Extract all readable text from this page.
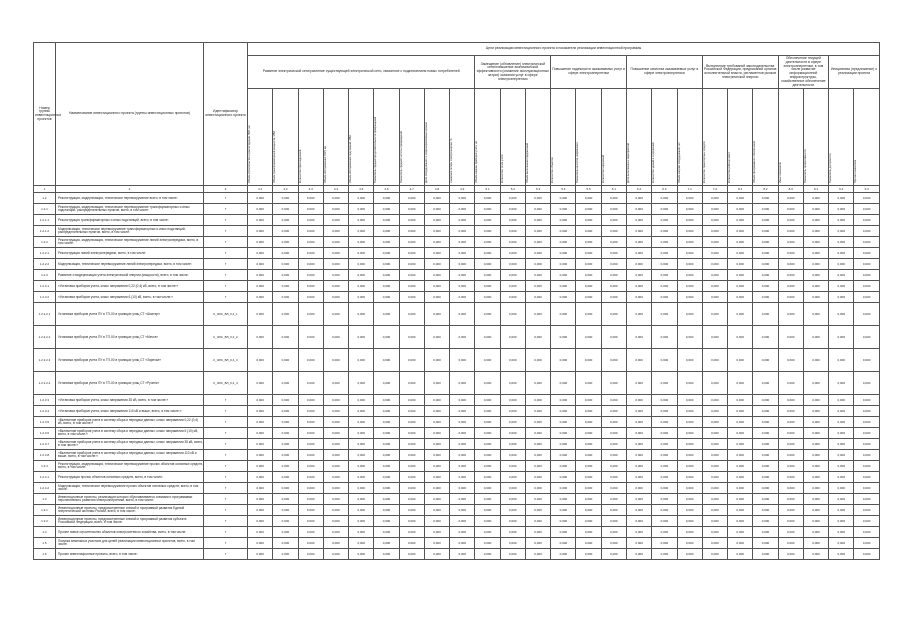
Номер группы инвестиционных проектов	Наименование инвестиционного проекта (группы инвестиционных проектов)	Идентификатор инвестиционного проекта	Цели реализации инвестиционного проекта и показатели реализации инвестиционной программы																								
			Развитие электрической сети/усиление существующей электрической сети, связанное с подключением новых потребителей									Замещение (обновление) электрической сети/повышение экономической эффективности (снижение эксплуатационных затрат) оказания услуг в сфере электроэнергетики			Повышение надежности оказываемых услуг в сфере электроэнергетики			Повышение качества оказываемых услуг в сфере электроэнергетики			Выполнение требований законодательства Российской Федерации, предписаний органов исполнительной власти, регламентов рынков электрической энергии			Обеспечение текущей деятельности в сфере электроэнергетики, в том числе развитие информационной инфраструктуры, хозяйственное обеспечение деятельности		Инициатива (предложение) о реализации проекта	

			Объем строительства и реконструкции ЛЭП, км	Объем трансформаторной мощности, МВА	Количество присоединений	Объем обслуживания ЛЭП, км	Объем обслуживания подстанций, МВА	Показатель средней продолжительности прекращений	Показатель средней частоты прекращений	Доля оборудования со сверхнормативным сроком	Снижение потерь электроэнергии, %	Объем замены приборов учета, шт.	Количество точек учета	Объем выполнения предписаний	Количество объектов	Показатель качества напряжения	Количество нарушений	Доля выполненных мероприятий	Количество зданий и сооружений	Объем закупки оборудования, шт.	Количество транспортных средств	Количество рабочих мест	Объем программного обеспечения	Иные показатели	Показатель эффективности	Показатель доступности	Прочие показатели

1	2	3	4.1	4.2	4.3	4.4	4.5	4.6	4.7	4.8	4.9	5.1	5.2	5.3	5.4	5.5	6.1	6.2	6.3	7.1	7.2	8.1	8.2	8.3	9.1	9.2	9.3
1.2	Реконструкция, модернизация, техническое перевооружение всего, в том числе:	Г	0,000	0,000	0,000	0,000	0,000	0,000	0,000	0,000	0,000	0,000	0,000	0,000	0,000	0,000	0,000	0,000	0,000	0,000	0,000	0,000	0,000	0,000	0,000	0,000	0,000
1.2.1	Реконструкция, модернизация, техническое перевооружение трансформаторных и иных подстанций, распределительных пунктов, всего, в том числе:	Г	0,000	0,000	0,000	0,000	0,000	0,000	0,000	0,000	0,000	0,000	0,000	0,000	0,000	0,000	0,000	0,000	0,000	0,000	0,000	0,000	0,000	0,000	0,000	0,000	0,000
1.2.1.1	Реконструкция трансформаторных и иных подстанций, всего, в том числе:	Г	0,000	0,000	0,000	0,000	0,000	0,000	0,000	0,000	0,000	0,000	0,000	0,000	0,000	0,000	0,000	0,000	0,000	0,000	0,000	0,000	0,000	0,000	0,000	0,000	0,000
1.2.1.2	Модернизация, техническое перевооружение трансформаторных и иных подстанций, распределительных пунктов, всего, в том числе:	Г	0,000	0,000	0,000	0,000	0,000	0,000	0,000	0,000	0,000	0,000	0,000	0,000	0,000	0,000	0,000	0,000	0,000	0,000	0,000	0,000	0,000	0,000	0,000	0,000	0,000
1.2.2	Реконструкция, модернизация, техническое перевооружение линий электропередачи, всего, в том числе:	Г	0,000	0,000	0,000	0,000	0,000	0,000	0,000	0,000	0,000	0,000	0,000	0,000	0,000	0,000	0,000	0,000	0,000	0,000	0,000	0,000	0,000	0,000	0,000	0,000	0,000
1.2.2.1	Реконструкция линий электропередачи, всего, в том числе:	Г	0,000	0,000	0,000	0,000	0,000	0,000	0,000	0,000	0,000	0,000	0,000	0,000	0,000	0,000	0,000	0,000	0,000	0,000	0,000	0,000	0,000	0,000	0,000	0,000	0,000
1.2.2.2	Модернизация, техническое перевооружение линий электропередачи, всего, в том числе:	Г	0,000	0,000	0,000	0,000	0,000	0,000	0,000	0,000	0,000	0,000	0,000	0,000	0,000	0,000	0,000	0,000	0,000	0,000	0,000	0,000	0,000	0,000	0,000	0,000	0,000
1.2.3	Развитие и модернизация учета электрической энергии (мощности), всего, в том числе:	Г	0,000	0,000	0,000	0,000	0,000	0,000	0,000	0,000	0,000	0,000	0,000	0,000	0,000	0,000	0,000	0,000	0,000	0,000	0,000	0,000	0,000	0,000	0,000	0,000	0,000
1.2.3.1	«Установка приборов учета, класс напряжения 0,22 (0,4) кВ, всего, в том числе:»	Г	0,000	0,000	0,000	0,000	0,000	0,000	0,000	0,000	0,000	0,000	0,000	0,000	0,000	0,000	0,000	0,000	0,000	0,000	0,000	0,000	0,000	0,000	0,000	0,000	0,000
1.2.3.2	«Установка приборов учета, класс напряжения 6 (10) кВ, всего, в том числе:»	Г	0,000	0,000	0,000	0,000	0,000	0,000	0,000	0,000	0,000	0,000	0,000	0,000	0,000	0,000	0,000	0,000	0,000	0,000	0,000	0,000	0,000	0,000	0,000	0,000	0,000
1.2.3.2.1	Установка приборов учета ПУ в ТП-00 в границах улиц СТ «Шахтер»	К_ЭЛС_ВЛ_0,4_1	0,000	0,000	0,000	0,000	0,000	0,000	0,000	0,000	0,000	0,000	0,000	0,000	0,000	0,000	0,000	0,000	0,000	0,000	0,000	0,000	0,000	0,000	0,000	0,000	0,000
1.2.3.2.2	Установка приборов учета ПУ в ТП-00 в границах улиц СТ «Мечта»	К_ЭЛС_ВЛ_0,4_2	0,000	0,000	0,000	0,000	0,000	0,000	0,000	0,000	0,000	0,000	0,000	0,000	0,000	0,000	0,000	0,000	0,000	0,000	0,000	0,000	0,000	0,000	0,000	0,000	0,000
1.2.3.2.3	Установка приборов учета ПУ в ТП-00 в границах улиц СТ «Заречье»	К_ЭЛС_ВЛ_0,4_3	0,000	0,000	0,000	0,000	0,000	0,000	0,000	0,000	0,000	0,000	0,000	0,000	0,000	0,000	0,000	0,000	0,000	0,000	0,000	0,000	0,000	0,000	0,000	0,000	0,000
1.2.3.2.4	Установка приборов учета ПУ в ТП-00 в границах улиц СТ «Ручеек»	К_ЭЛС_ВЛ_0,4_4	0,000	0,000	0,000	0,000	0,000	0,000	0,000	0,000	0,000	0,000	0,000	0,000	0,000	0,000	0,000	0,000	0,000	0,000	0,000	0,000	0,000	0,000	0,000	0,000	0,000
1.2.3.3	«Установка приборов учета, класс напряжения 35 кВ, всего, в том числе:»	Г	0,000	0,000	0,000	0,000	0,000	0,000	0,000	0,000	0,000	0,000	0,000	0,000	0,000	0,000	0,000	0,000	0,000	0,000	0,000	0,000	0,000	0,000	0,000	0,000	0,000
1.2.3.4	«Установка приборов учета, класс напряжения 110 кВ и выше, всего, в том числе:»	Г	0,000	0,000	0,000	0,000	0,000	0,000	0,000	0,000	0,000	0,000	0,000	0,000	0,000	0,000	0,000	0,000	0,000	0,000	0,000	0,000	0,000	0,000	0,000	0,000	0,000
1.2.3.5	«Включение приборов учета в систему сбора и передачи данных, класс напряжения 0,22 (0,4) кВ, всего, в том числе:»	Г	0,000	0,000	0,000	0,000	0,000	0,000	0,000	0,000	0,000	0,000	0,000	0,000	0,000	0,000	0,000	0,000	0,000	0,000	0,000	0,000	0,000	0,000	0,000	0,000	0,000
1.2.3.6	«Включение приборов учета в систему сбора и передачи данных, класс напряжения 6 (10) кВ, всего, в том числе:»	Г	0,000	0,000	0,000	0,000	0,000	0,000	0,000	0,000	0,000	0,000	0,000	0,000	0,000	0,000	0,000	0,000	0,000	0,000	0,000	0,000	0,000	0,000	0,000	0,000	0,000
1.2.3.7	«Включение приборов учета в систему сбора и передачи данных, класс напряжения 35 кВ, всего, в том числе:»	Г	0,000	0,000	0,000	0,000	0,000	0,000	0,000	0,000	0,000	0,000	0,000	0,000	0,000	0,000	0,000	0,000	0,000	0,000	0,000	0,000	0,000	0,000	0,000	0,000	0,000
1.2.3.8	«Включение приборов учета в систему сбора и передачи данных, класс напряжения 110 кВ и выше, всего, в том числе:»	Г	0,000	0,000	0,000	0,000	0,000	0,000	0,000	0,000	0,000	0,000	0,000	0,000	0,000	0,000	0,000	0,000	0,000	0,000	0,000	0,000	0,000	0,000	0,000	0,000	0,000
1.2.4	Реконструкция, модернизация, техническое перевооружение прочих объектов основных средств, всего, в том числе:	Г	0,000	0,000	0,000	0,000	0,000	0,000	0,000	0,000	0,000	0,000	0,000	0,000	0,000	0,000	0,000	0,000	0,000	0,000	0,000	0,000	0,000	0,000	0,000	0,000	0,000
1.2.4.1	Реконструкция прочих объектов основных средств, всего, в том числе:	Г	0,000	0,000	0,000	0,000	0,000	0,000	0,000	0,000	0,000	0,000	0,000	0,000	0,000	0,000	0,000	0,000	0,000	0,000	0,000	0,000	0,000	0,000	0,000	0,000	0,000
1.2.4.2	Модернизация, техническое перевооружение прочих объектов основных средств, всего, в том числе:	Г	0,000	0,000	0,000	0,000	0,000	0,000	0,000	0,000	0,000	0,000	0,000	0,000	0,000	0,000	0,000	0,000	0,000	0,000	0,000	0,000	0,000	0,000	0,000	0,000	0,000
1.3	Инвестиционные проекты, реализация которых обуславливается схемами и программами перспективного развития электроэнергетики, всего, в том числе:	Г	0,000	0,000	0,000	0,000	0,000	0,000	0,000	0,000	0,000	0,000	0,000	0,000	0,000	0,000	0,000	0,000	0,000	0,000	0,000	0,000	0,000	0,000	0,000	0,000	0,000
1.3.1	Инвестиционные проекты, предусмотренные схемой и программой развития Единой энергетической системы России, всего, в том числе:	Г	0,000	0,000	0,000	0,000	0,000	0,000	0,000	0,000	0,000	0,000	0,000	0,000	0,000	0,000	0,000	0,000	0,000	0,000	0,000	0,000	0,000	0,000	0,000	0,000	0,000
1.3.2	Инвестиционные проекты, предусмотренные схемой и программой развития субъекта Российской Федерации, всего, в том числе:	Г	0,000	0,000	0,000	0,000	0,000	0,000	0,000	0,000	0,000	0,000	0,000	0,000	0,000	0,000	0,000	0,000	0,000	0,000	0,000	0,000	0,000	0,000	0,000	0,000	0,000
1.4	Прочее новое строительство объектов электросетевого хозяйства, всего, в том числе:	Г	0,000	0,000	0,000	0,000	0,000	0,000	0,000	0,000	0,000	0,000	0,000	0,000	0,000	0,000	0,000	0,000	0,000	0,000	0,000	0,000	0,000	0,000	0,000	0,000	0,000
1.5	Покупка земельных участков для целей реализации инвестиционных проектов, всего, в том числе:	Г	0,000	0,000	0,000	0,000	0,000	0,000	0,000	0,000	0,000	0,000	0,000	0,000	0,000	0,000	0,000	0,000	0,000	0,000	0,000	0,000	0,000	0,000	0,000	0,000	0,000
1.6	Прочие инвестиционные проекты, всего, в том числе:	Г	0,000	0,000	0,000	0,000	0,000	0,000	0,000	0,000	0,000	0,000	0,000	0,000	0,000	0,000	0,000	0,000	0,000	0,000	0,000	0,000	0,000	0,000	0,000	0,000	0,000
